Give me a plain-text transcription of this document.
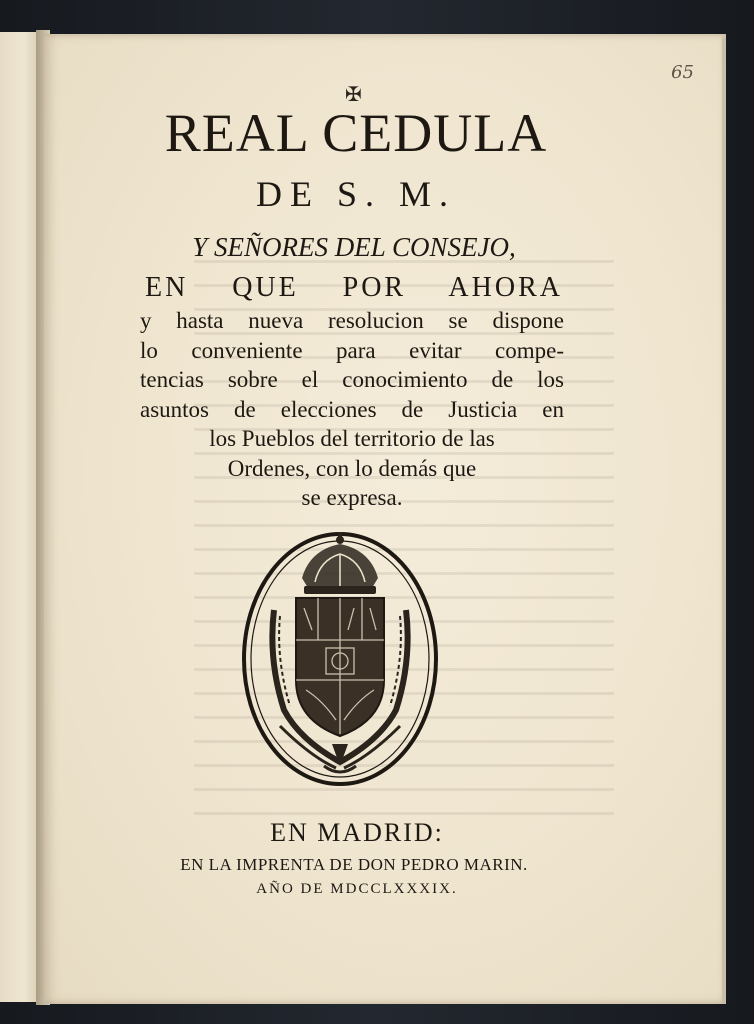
65
✠
REAL CEDULA
DE S. M.
Y SEÑORES DEL CONSEJO,
EN QUE POR AHORA
y hasta nueva resolucion se dispone
lo conveniente para evitar compe-
tencias sobre el conocimiento de los
asuntos de elecciones de Justicia en
los Pueblos del territorio de las
Ordenes, con lo demás que
se expresa.
EN MADRID:
EN LA IMPRENTA DE DON PEDRO MARIN.
AÑO DE MDCCLXXXIX.
